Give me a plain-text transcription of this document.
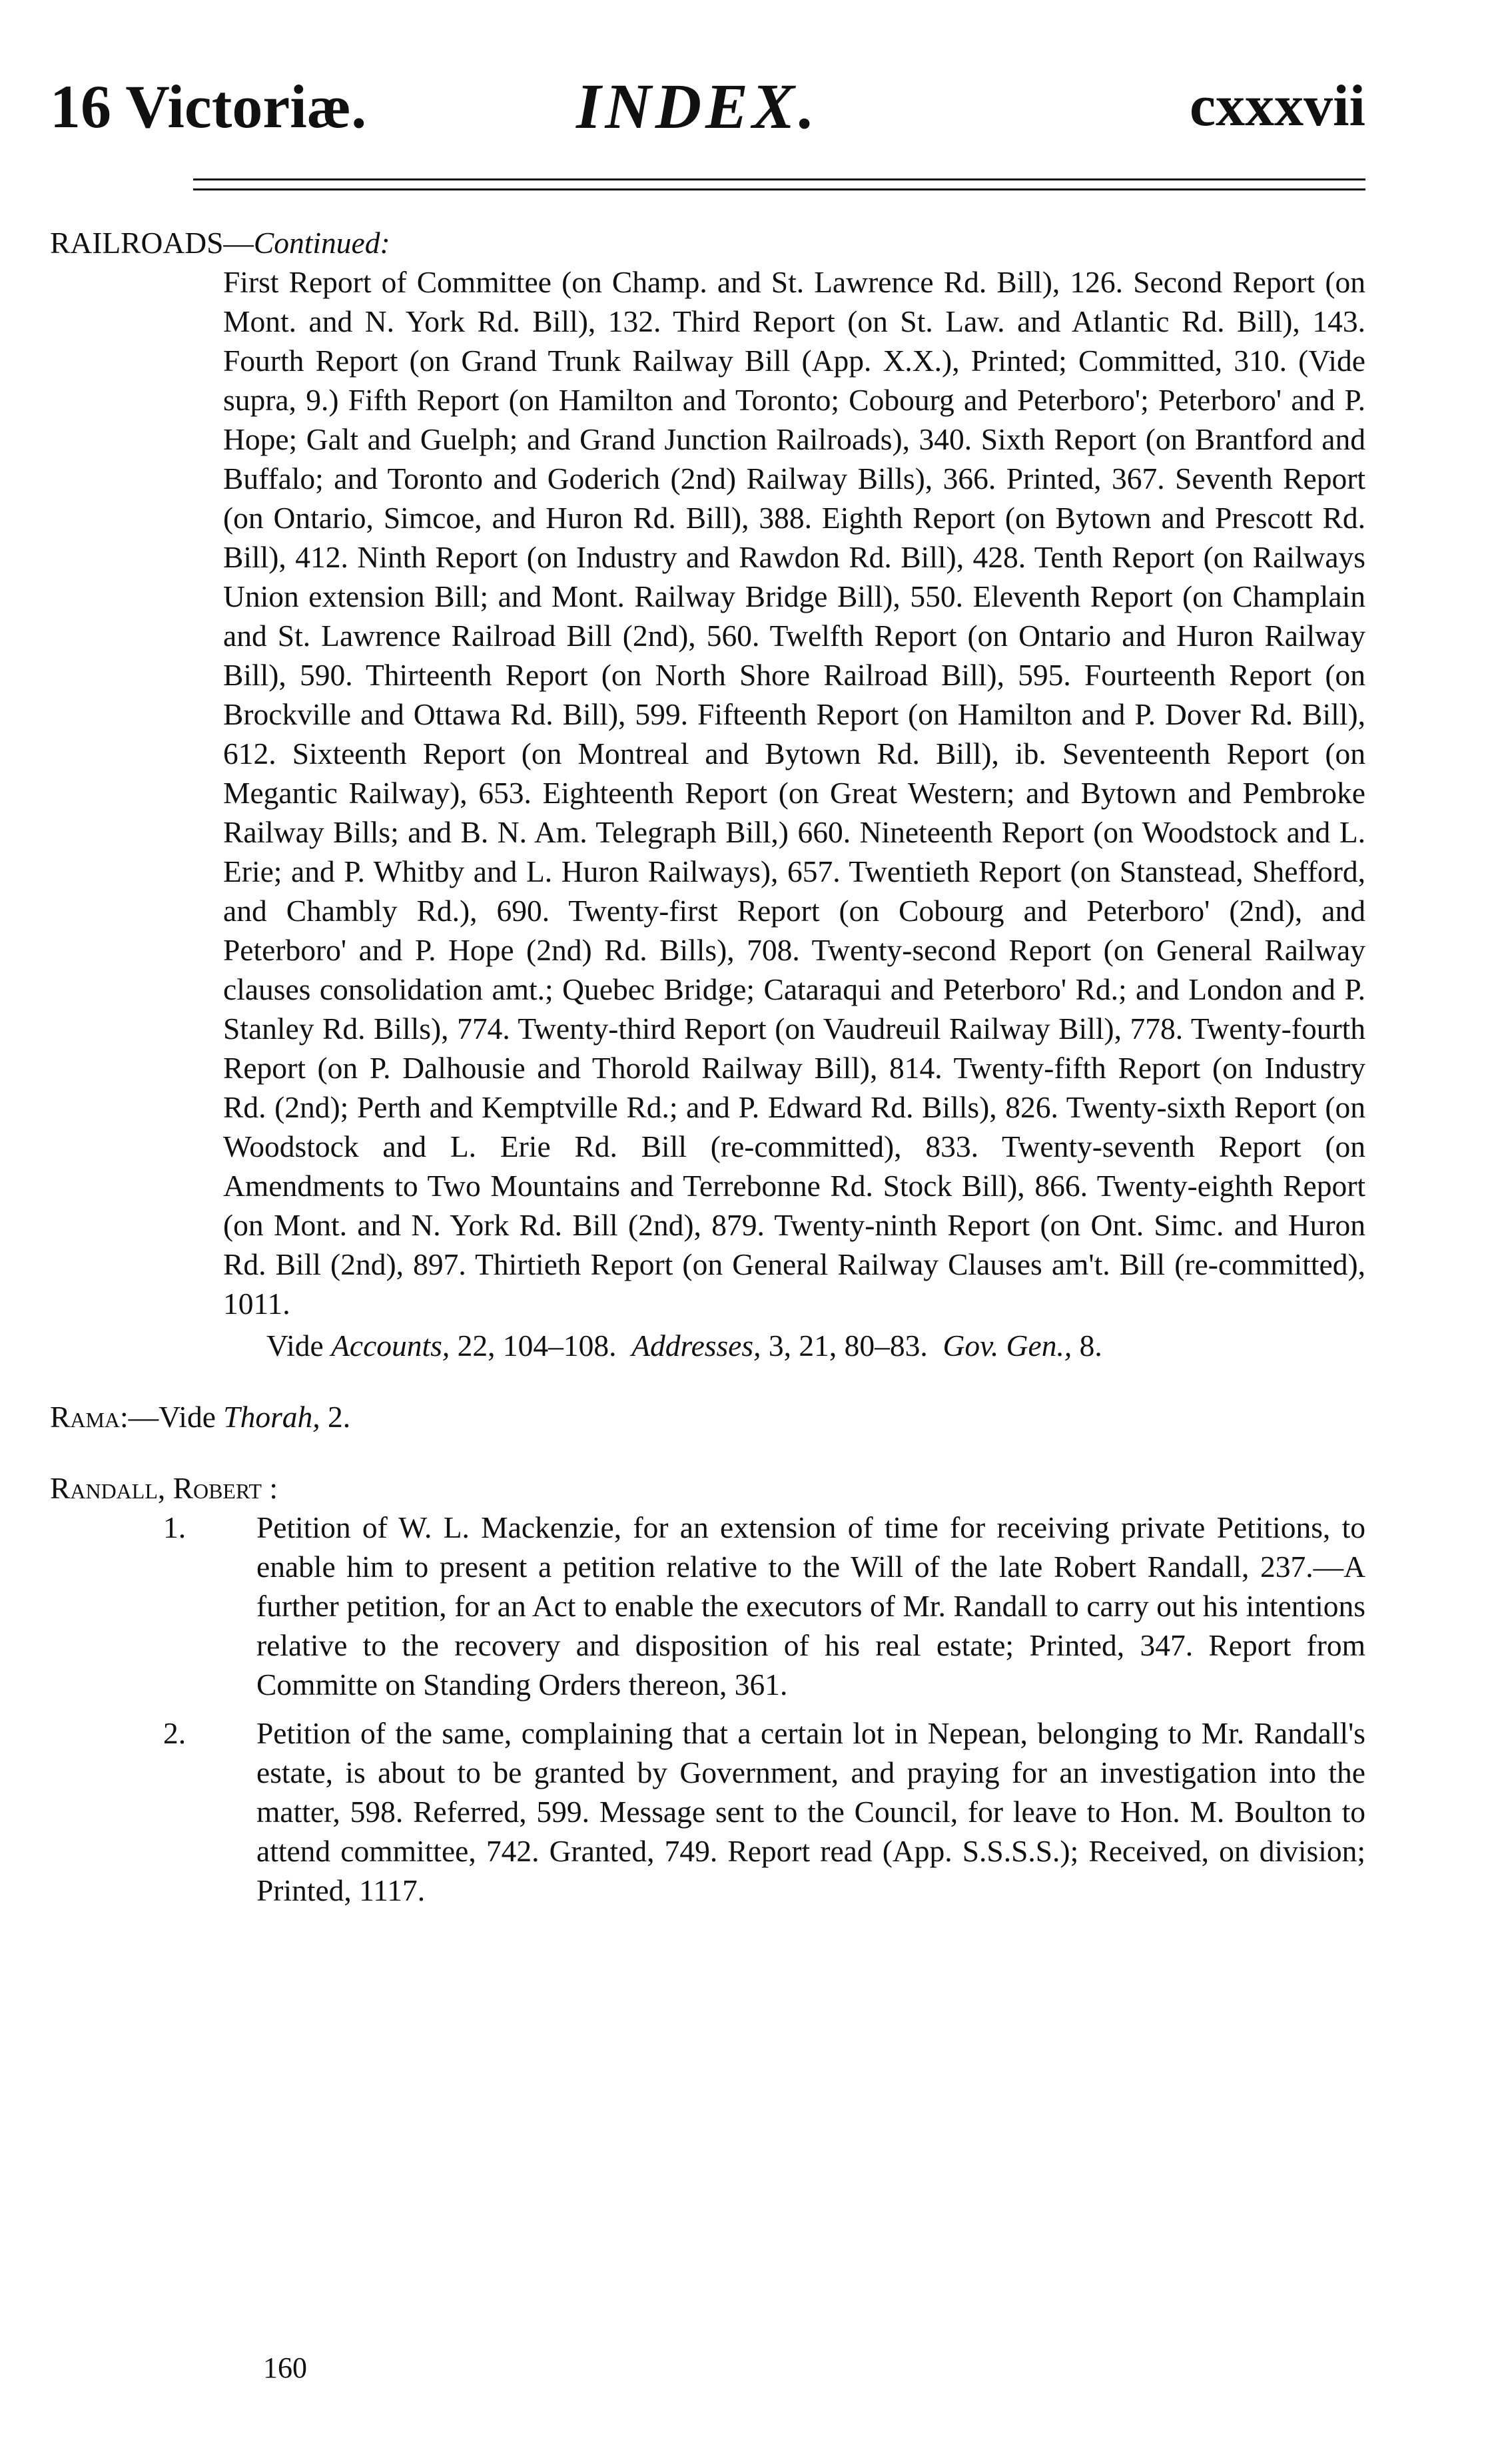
16 Victoriæ.	INDEX.	cxxxvii

RAILROADS—Continued:

First Report of Committee (on Champ. and St. Lawrence Rd. Bill), 126. Second Report (on Mont. and N. York Rd. Bill), 132. Third Report (on St. Law. and Atlantic Rd. Bill), 143. Fourth Report (on Grand Trunk Railway Bill (App. X.X.), Printed; Committed, 310. (Vide supra, 9.) Fifth Report (on Hamilton and Toronto; Cobourg and Peterboro'; Peterboro' and P. Hope; Galt and Guelph; and Grand Junction Railroads), 340. Sixth Report (on Brantford and Buffalo; and Toronto and Goderich (2nd) Railway Bills), 366. Printed, 367. Seventh Report (on Ontario, Simcoe, and Huron Rd. Bill), 388. Eighth Report (on Bytown and Prescott Rd. Bill), 412. Ninth Report (on Industry and Rawdon Rd. Bill), 428. Tenth Report (on Railways Union extension Bill; and Mont. Railway Bridge Bill), 550. Eleventh Report (on Champlain and St. Lawrence Railroad Bill (2nd), 560. Twelfth Report (on Ontario and Huron Railway Bill), 590. Thirteenth Report (on North Shore Railroad Bill), 595. Fourteenth Report (on Brockville and Ottawa Rd. Bill), 599. Fifteenth Report (on Hamilton and P. Dover Rd. Bill), 612. Sixteenth Report (on Montreal and Bytown Rd. Bill), ib. Seventeenth Report (on Megantic Railway), 653. Eighteenth Report (on Great Western; and Bytown and Pembroke Railway Bills; and B. N. Am. Telegraph Bill,) 660. Nineteenth Report (on Woodstock and L. Erie; and P. Whitby and L. Huron Railways), 657. Twentieth Report (on Stanstead, Shefford, and Chambly Rd.), 690. Twenty-first Report (on Cobourg and Peterboro' (2nd), and Peterboro' and P. Hope (2nd) Rd. Bills), 708. Twenty-second Report (on General Railway clauses consolidation amt.; Quebec Bridge; Cataraqui and Peterboro' Rd.; and London and P. Stanley Rd. Bills), 774. Twenty-third Report (on Vaudreuil Railway Bill), 778. Twenty-fourth Report (on P. Dalhousie and Thorold Railway Bill), 814. Twenty-fifth Report (on Industry Rd. (2nd); Perth and Kemptville Rd.; and P. Edward Rd. Bills), 826. Twenty-sixth Report (on Woodstock and L. Erie Rd. Bill (re-committed), 833. Twenty-seventh Report (on Amendments to Two Mountains and Terrebonne Rd. Stock Bill), 866. Twenty-eighth Report (on Mont. and N. York Rd. Bill (2nd), 879. Twenty-ninth Report (on Ont. Simc. and Huron Rd. Bill (2nd), 897. Thirtieth Report (on General Railway Clauses am't. Bill (re-committed), 1011.

Vide Accounts, 22, 104–108. Addresses, 3, 21, 80–83. Gov. Gen., 8.

Rama:—Vide Thorah, 2.

Randall, Robert :

1. Petition of W. L. Mackenzie, for an extension of time for receiving private Petitions, to enable him to present a petition relative to the Will of the late Robert Randall, 237.—A further petition, for an Act to enable the executors of Mr. Randall to carry out his intentions relative to the recovery and disposition of his real estate; Printed, 347. Report from Committe on Standing Orders thereon, 361.
2. Petition of the same, complaining that a certain lot in Nepean, belonging to Mr. Randall's estate, is about to be granted by Government, and praying for an investigation into the matter, 598. Referred, 599. Message sent to the Council, for leave to Hon. M. Boulton to attend committee, 742. Granted, 749. Report read (App. S.S.S.S.); Received, on division; Printed, 1117.
160
